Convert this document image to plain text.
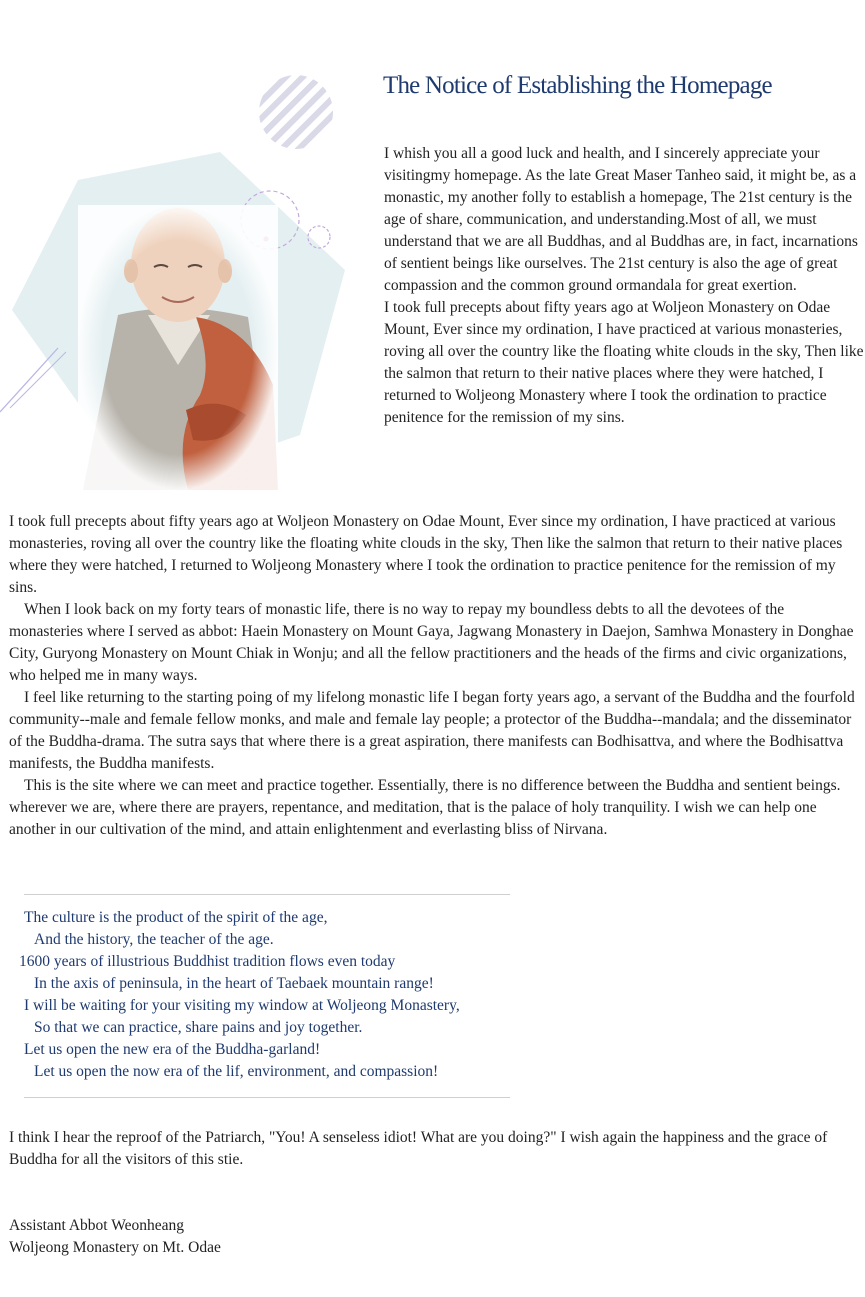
The Notice of Establishing the Homepage

I whish you all a good luck and health, and I sincerely appreciate your visitingmy homepage. As the late Great Maser Tanheo said, it might be, as a monastic, my another folly to establish a homepage, The 21st century is the age of share, communication, and understanding.Most of all, we must understand that we are all Buddhas, and al Buddhas are, in fact, incarnations of sentient beings like ourselves. The 21st century is also the age of great compassion and the common ground ormandala for great exertion.

I took full precepts about fifty years ago at Woljeon Monastery on Odae Mount, Ever since my ordination, I have practiced at various monasteries, roving all over the country like the floating white clouds in the sky, Then like the salmon that return to their native places where they were hatched, I returned to Woljeong Monastery where I took the ordination to practice penitence for the remission of my sins.

I took full precepts about fifty years ago at Woljeon Monastery on Odae Mount, Ever since my ordination, I have practiced at various monasteries, roving all over the country like the floating white clouds in the sky, Then like the salmon that return to their native places where they were hatched, I returned to Woljeong Monastery where I took the ordination to practice penitence for the remission of my sins.

When I look back on my forty tears of monastic life, there is no way to repay my boundless debts to all the devotees of the monasteries where I served as abbot: Haein Monastery on Mount Gaya, Jagwang Monastery in Daejon, Samhwa Monastery in Donghae City, Guryong Monastery on Mount Chiak in Wonju; and all the fellow practitioners and the heads of the firms and civic organizations, who helped me in many ways.

I feel like returning to the starting poing of my lifelong monastic life I began forty years ago, a servant of the Buddha and the fourfold community--male and female fellow monks, and male and female lay people; a protector of the Buddha--mandala; and the disseminator of the Buddha-drama. The sutra says that where there is a great aspiration, there manifests can Bodhisattva, and where the Bodhisattva manifests, the Buddha manifests.

This is the site where we can meet and practice together. Essentially, there is no difference between the Buddha and sentient beings. wherever we are, where there are prayers, repentance, and meditation, that is the palace of holy tranquility. I wish we can help one another in our cultivation of the mind, and attain enlightenment and everlasting bliss of Nirvana.

The culture is the product of the spirit of the age,
And the history, the teacher of the age.
1600 years of illustrious Buddhist tradition flows even today
In the axis of peninsula, in the heart of Taebaek mountain range!
I will be waiting for your visiting my window at Woljeong Monastery,
So that we can practice, share pains and joy together.
Let us open the new era of the Buddha-garland!
Let us open the now era of the lif, environment, and compassion!

I think I hear the reproof of the Patriarch, "You! A senseless idiot! What are you doing?" I wish again the happiness and the grace of Buddha for all the visitors of this stie.

Assistant Abbot Weonheang
Woljeong Monastery on Mt. Odae
